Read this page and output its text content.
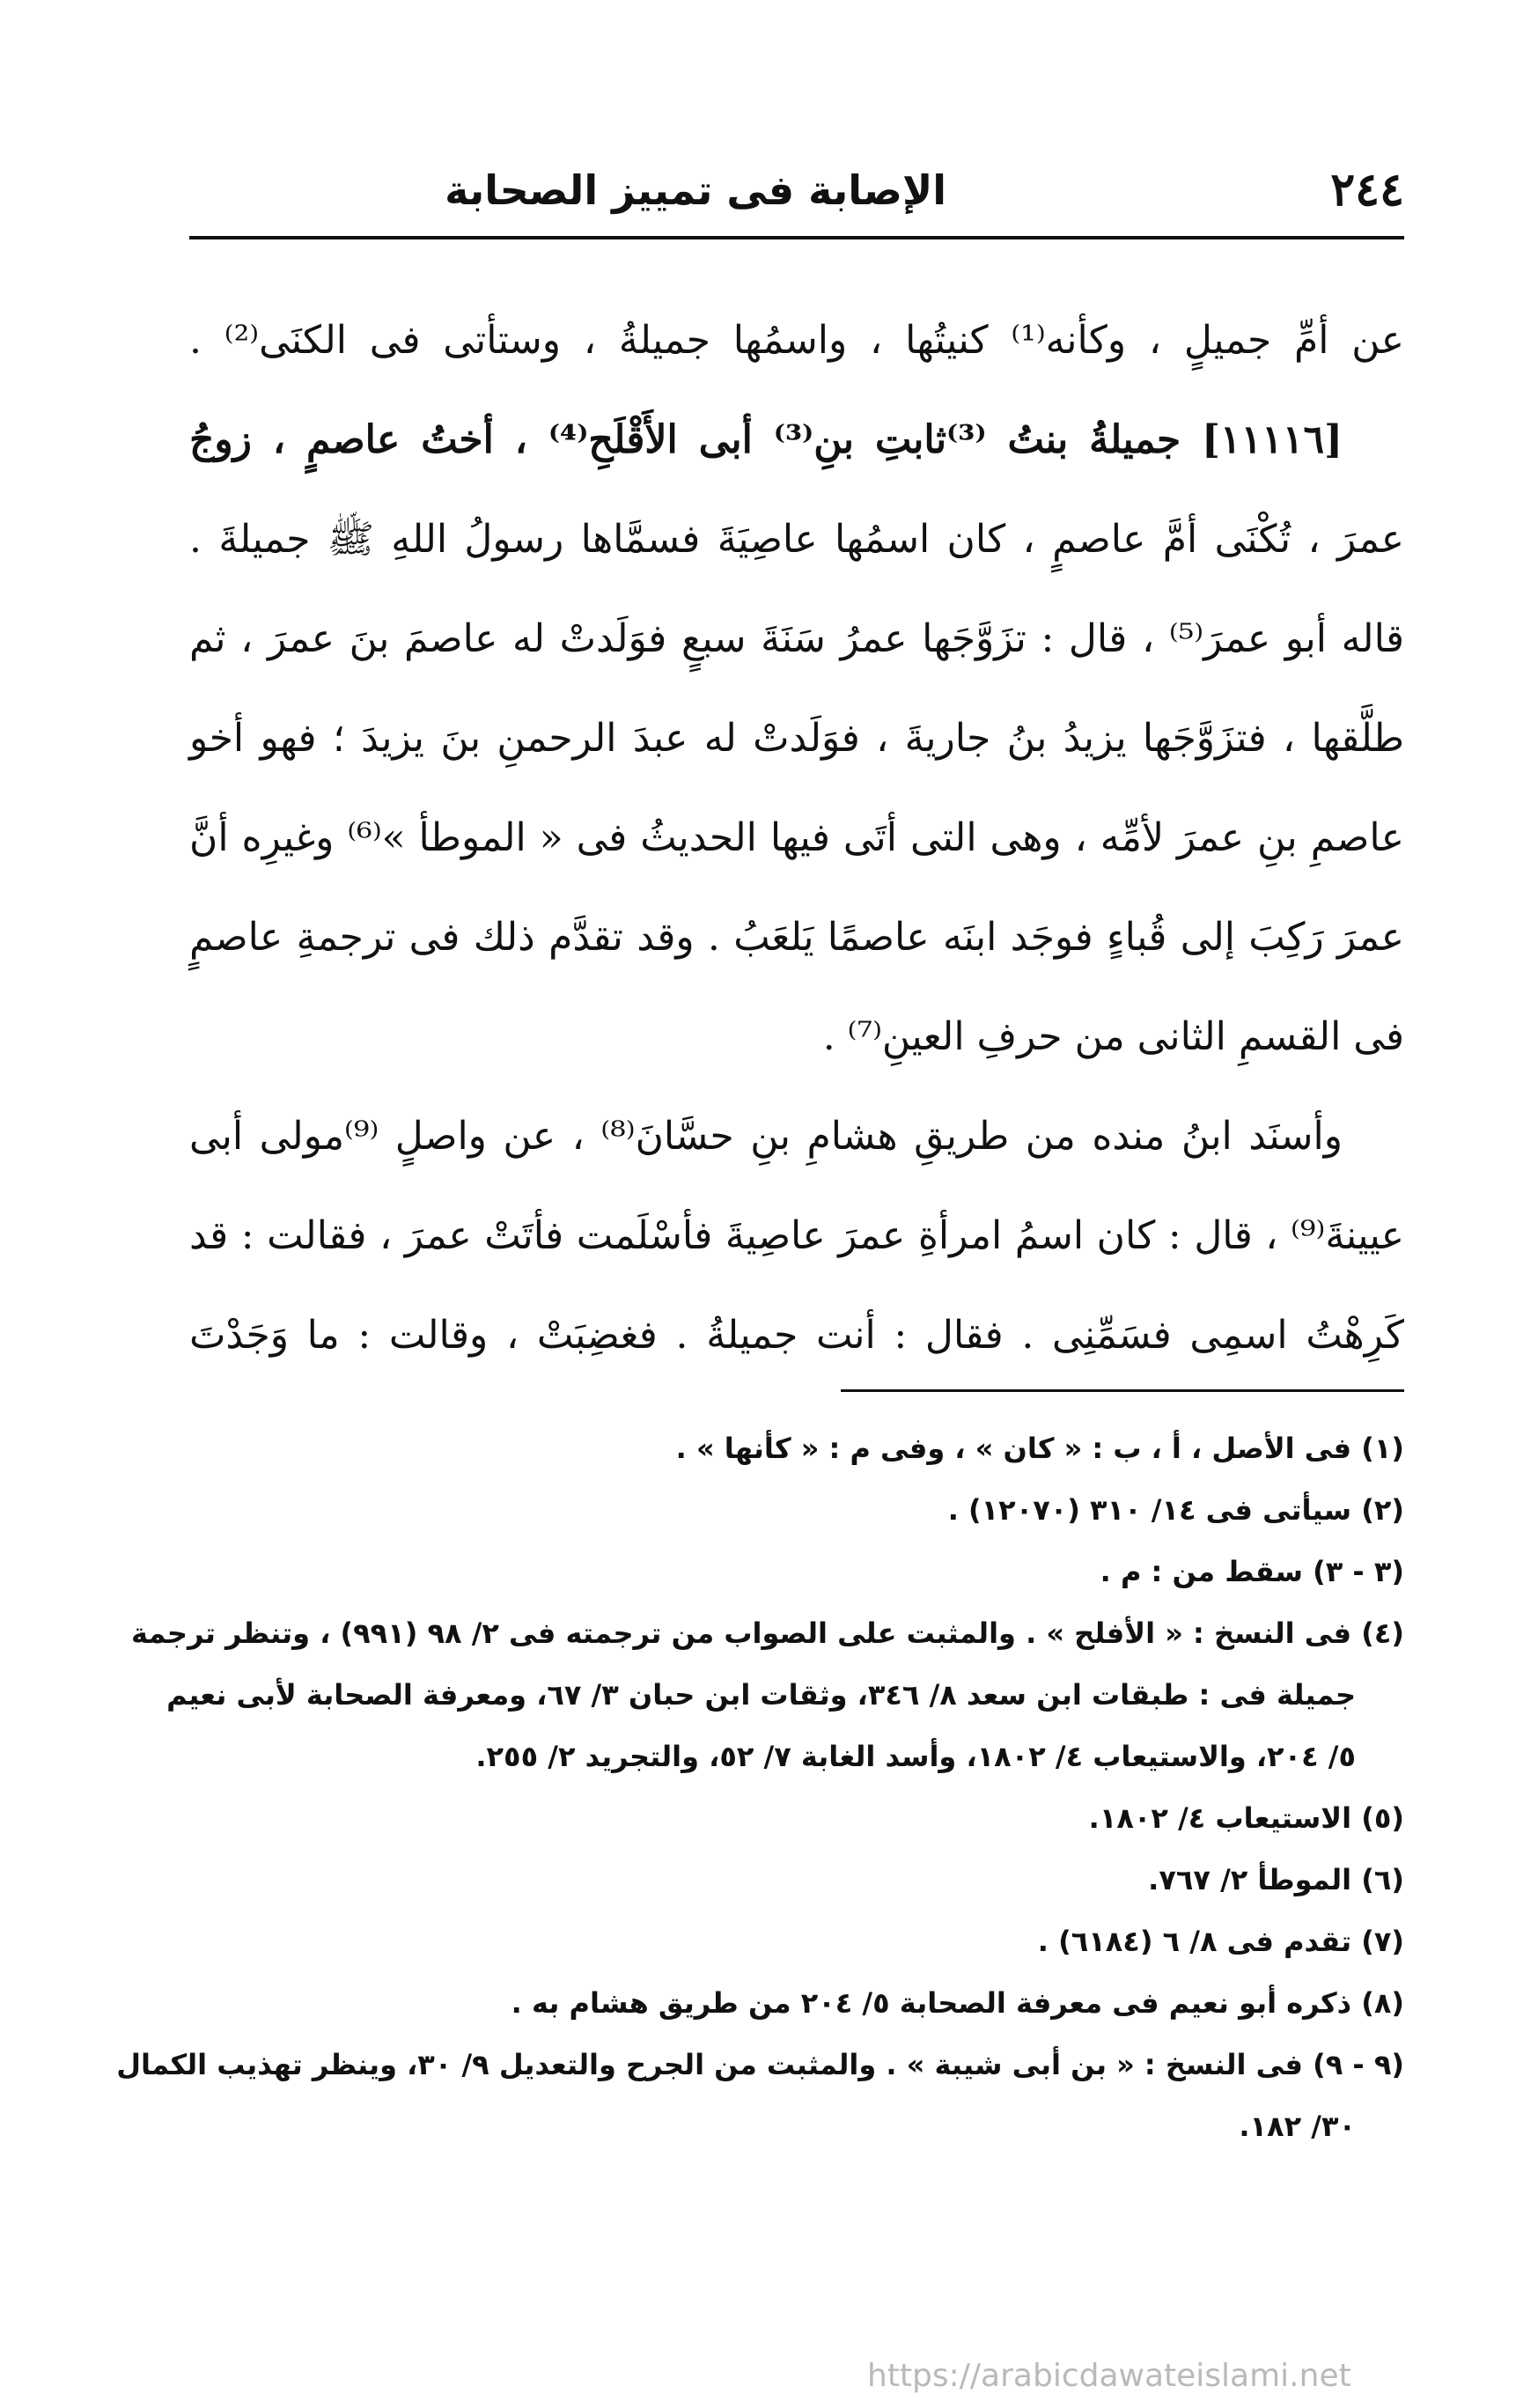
٢٤٤
الإصابة فى تمييز الصحابة
عن أمِّ جميلٍ ، وكأنه⁽¹⁾ كنيتُها ، واسمُها جميلةُ ، وستأتى فى الكنَى⁽²⁾ .
[١١١١٦] جميلةُ بنتُ ⁽³⁾ثابتِ بنِ⁽³⁾ أبى الأَقْلَحِ⁽⁴⁾ ، أختُ عاصمٍ ، زوجُ
عمرَ ، تُكْنَى أمَّ عاصمٍ ، كان اسمُها عاصِيَةَ فسمَّاها رسولُ اللهِ ﷺ جميلةَ .
قاله أبو عمرَ⁽⁵⁾ ، قال : تزَوَّجَها عمرُ سَنَةَ سبعٍ فوَلَدتْ له عاصمَ بنَ عمرَ ، ثم
طلَّقها ، فتزَوَّجَها يزيدُ بنُ جاريةَ ، فوَلَدتْ له عبدَ الرحمنِ بنَ يزيدَ ؛ فهو أخو
عاصمِ بنِ عمرَ لأمِّه ، وهى التى أتَى فيها الحديثُ فى « الموطأ »⁽⁶⁾ وغيرِه أنَّ
عمرَ رَكِبَ إلى قُباءٍ فوجَد ابنَه عاصمًا يَلعَبُ . وقد تقدَّم ذلك فى ترجمةِ عاصمٍ
فى القسمِ الثانى من حرفِ العينِ⁽⁷⁾ .
وأسنَد ابنُ منده من طريقِ هشامِ بنِ حسَّانَ⁽⁸⁾ ، عن واصلٍ ⁽⁹⁾مولى أبى
عيينةَ⁽⁹⁾ ، قال : كان اسمُ امرأةِ عمرَ عاصِيةَ فأسْلَمت فأتَتْ عمرَ ، فقالت : قد
كَرِهْتُ اسمِى فسَمِّنِى . فقال : أنت جميلةُ . فغضِبَتْ ، وقالت : ما وَجَدْتَ
(١) فى الأصل ، أ ، ب : « كان » ، وفى م : « كأنها » .
(٢) سيأتى فى ١٤/ ٣١٠ (١٢٠٧٠) .
(٣ - ٣) سقط من : م .
(٤) فى النسخ : « الأفلح » . والمثبت على الصواب من ترجمته فى ٢/ ٩٨ (٩٩١) ، وتنظر ترجمة
جميلة فى : طبقات ابن سعد ٨/ ٣٤٦، وثقات ابن حبان ٣/ ٦٧، ومعرفة الصحابة لأبى نعيم
٥/ ٢٠٤، والاستيعاب ٤/ ١٨٠٢، وأسد الغابة ٧/ ٥٢، والتجريد ٢/ ٢٥٥.
(٥) الاستيعاب ٤/ ١٨٠٢.
(٦) الموطأ ٢/ ٧٦٧.
(٧) تقدم فى ٨/ ٦ (٦١٨٤) .
(٨) ذكره أبو نعيم فى معرفة الصحابة ٥/ ٢٠٤ من طريق هشام به .
(٩ - ٩) فى النسخ : « بن أبى شيبة » . والمثبت من الجرح والتعديل ٩/ ٣٠، وينظر تهذيب الكمال
٣٠/ ١٨٢.
https://arabicdawateislami.net
